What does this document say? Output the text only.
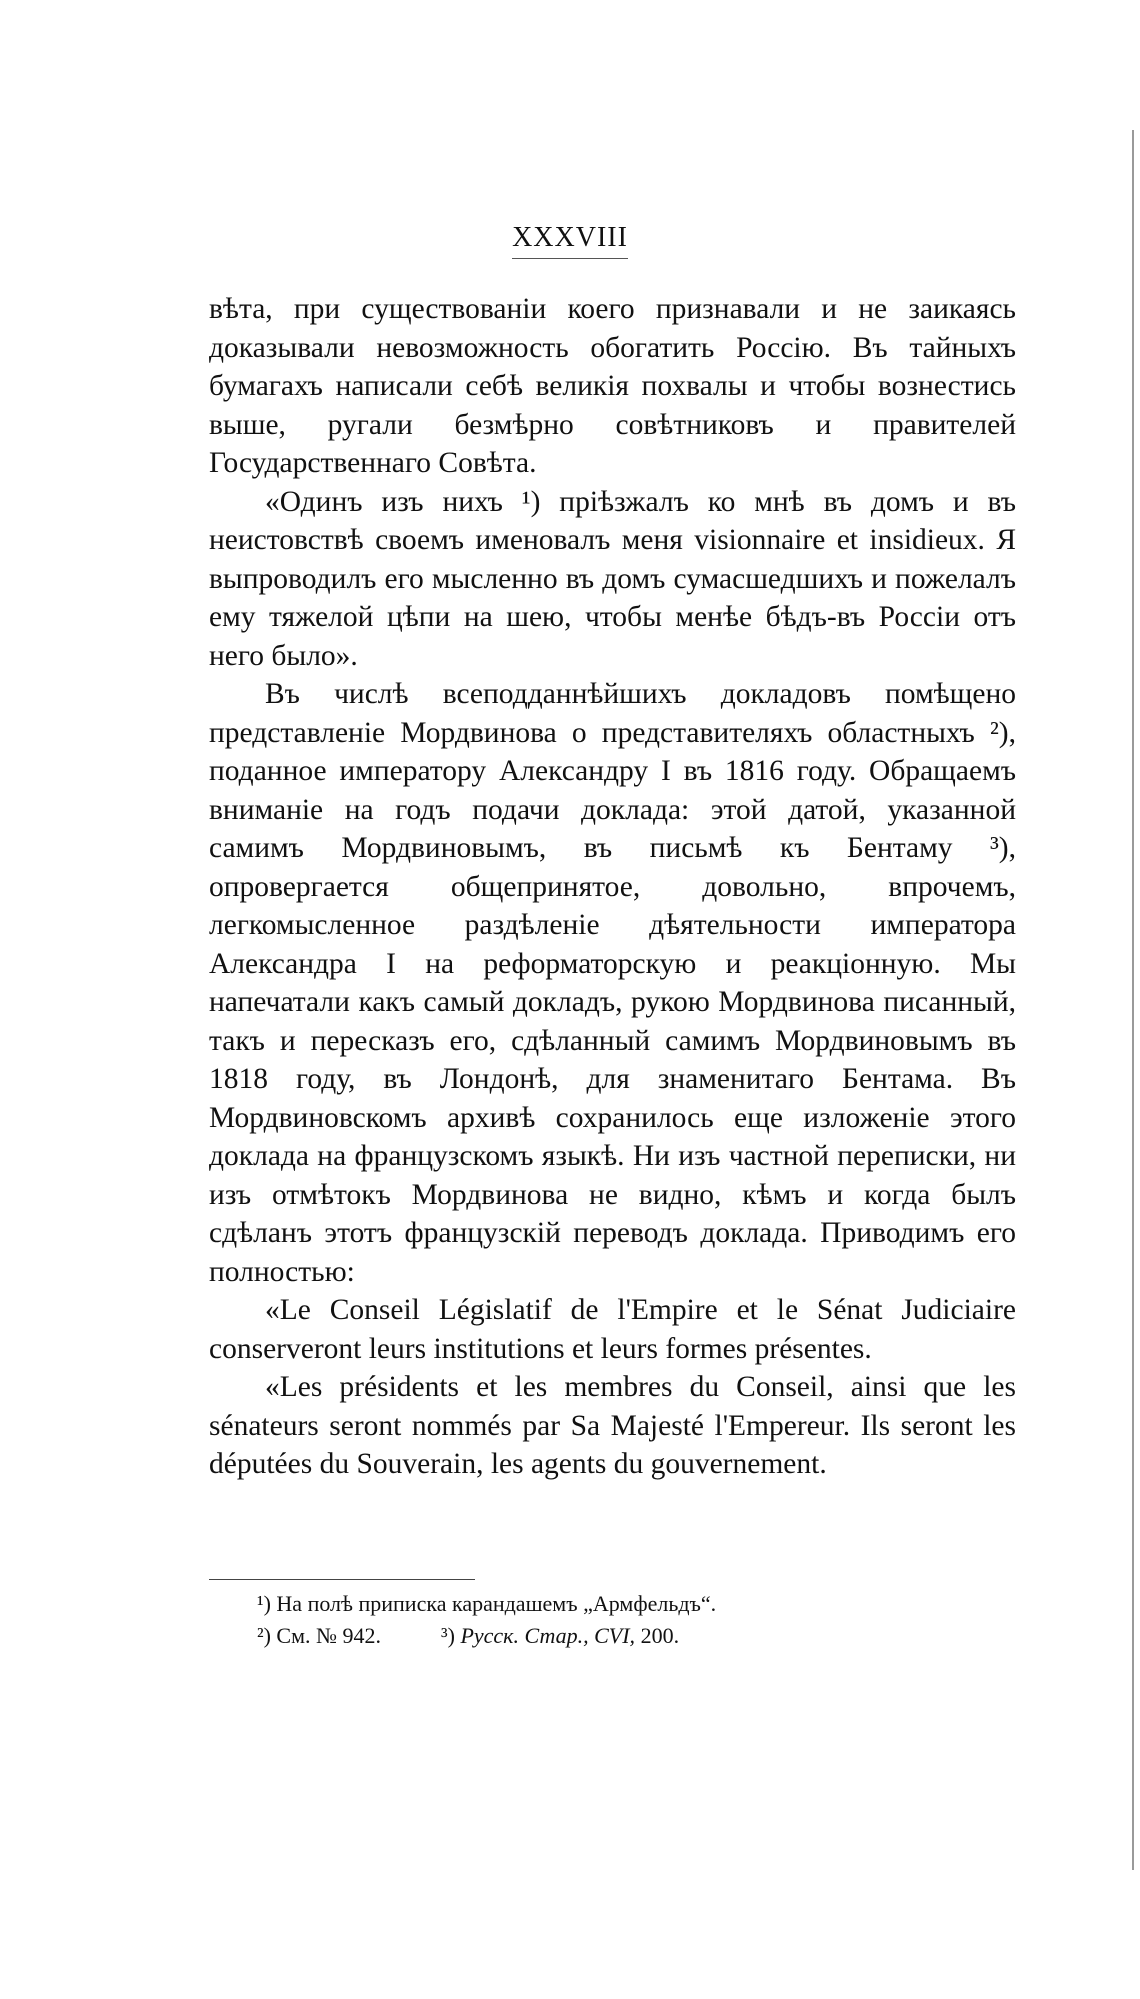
XXXVIII

вѣта, при существованіи коего признавали и не заикаясь доказывали невозможность обогатить Россію. Въ тайныхъ бумагахъ написали себѣ великія похвалы и чтобы вознестись выше, ругали безмѣрно совѣтниковъ и правителей Государственнаго Совѣта.

«Одинъ изъ нихъ ¹) пріѣзжалъ ко мнѣ въ домъ и въ неистовствѣ своемъ именовалъ меня visionnaire et insidieux. Я выпроводилъ его мысленно въ домъ сумасшедшихъ и пожелалъ ему тяжелой цѣпи на шею, чтобы менѣе бѣдъ-въ Россіи отъ него было».

Въ числѣ всеподданнѣйшихъ докладовъ помѣщено представленіе Мордвинова о представителяхъ областныхъ ²), поданное императору Александру I въ 1816 году. Обращаемъ вниманіе на годъ подачи доклада: этой датой, указанной самимъ Мордвиновымъ, въ письмѣ къ Бентаму ³), опровергается общепринятое, довольно, впрочемъ, легкомысленное раздѣленіе дѣятельности императора Александра I на реформаторскую и реакціонную. Мы напечатали какъ самый докладъ, рукою Мордвинова писанный, такъ и пересказъ его, сдѣланный самимъ Мордвиновымъ въ 1818 году, въ Лондонѣ, для знаменитаго Бентама. Въ Мордвиновскомъ архивѣ сохранилось еще изложеніе этого доклада на французскомъ языкѣ. Ни изъ частной переписки, ни изъ отмѣтокъ Мордвинова не видно, кѣмъ и когда былъ сдѣланъ этотъ французскій переводъ доклада. Приводимъ его полностью:

«Le Conseil Législatif de l'Empire et le Sénat Judiciaire conserveront leurs institutions et leurs formes présentes.

«Les présidents et les membres du Conseil, ainsi que les sénateurs seront nommés par Sa Majesté l'Empereur. Ils seront les députées du Souverain, les agents du gouvernement.

¹) На полѣ приписка карандашемъ „Армфельдъ“.
²) См. № 942.	³) Русск. Стар., CVI, 200.
